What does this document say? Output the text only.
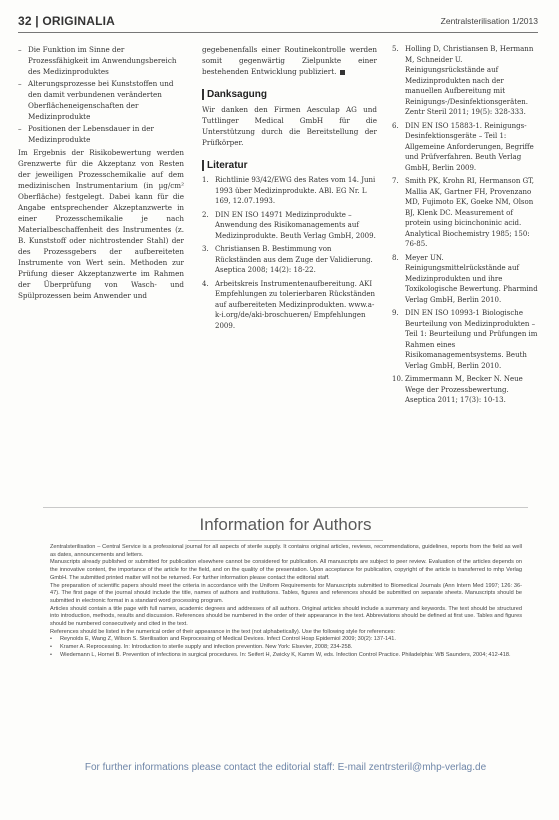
32 | ORIGINALIA	Zentralsterilisation 1/2013
– Die Funktion im Sinne der Prozessfähigkeit im Anwendungsbereich des Medizinproduktes
– Alterungsprozesse bei Kunststoffen und den damit verbundenen veränderten Oberflächeneigenschaften der Medizinprodukte
– Positionen der Lebensdauer in der Medizinprodukte

Im Ergebnis der Risikobewertung werden Grenzwerte für die Akzeptanz von Resten der jeweiligen Prozesschemikalie auf dem medizinischen Instrumentarium (in µg/cm² Oberfläche) festgelegt. Dabei kann für die Angabe entsprechender Akzeptanzwerte in einer Prozesschemikalie je nach Materialbeschaffenheit des Instrumentes (z. B. Kunststoff oder nichtrostender Stahl) der des Prozessgebers der aufbereiteten Instrumente von Wert sein. Methoden zur Prüfung dieser Akzeptanzwerte im Rahmen der Überprüfung von Wasch- und Spülprozessen beim Anwender und

gegebenenfalls einer Routinekontrolle werden somit gegenwärtig Zielpunkte einer bestehenden Entwicklung publiziert.

Danksagung

Wir danken den Firmen Aesculap AG und Tuttlinger Medical GmbH für die Unterstützung durch die Bereitstellung der Prüfkörper.

Literatur
1. Richtlinie 93/42/EWG des Rates vom 14. Juni 1993 über Medizinprodukte. ABl. EG Nr. L 169, 12.07.1993.
2. DIN EN ISO 14971 Medizinprodukte – Anwendung des Risikomanagements auf Medizinprodukte. Beuth Verlag GmbH, 2009.
3. Christiansen B. Bestimmung von Rückständen aus dem Zuge der Validierung. Aseptica 2008; 14(2): 18-22.
4. Arbeitskreis Instrumentenaufbereitung. AKI Empfehlungen zu tolerierbaren Rückständen auf aufbereiteten Medizinprodukten. www.a-k-i.org/de/aki-broschueren/ Empfehlungen 2009.
5. Holling D, Christiansen B, Hermann M, Schneider U. Reinigungsrückstände auf Medizinprodukten nach der manuellen Aufbereitung mit Reinigungs-/Desinfektionsgeräten. Zentr Steril 2011; 19(5): 328-333.
6. DIN EN ISO 15883-1. Reinigungs-Desinfektionsgeräte – Teil 1: Allgemeine Anforderungen, Begriffe und Prüfverfahren. Beuth Verlag GmbH, Berlin 2009.
7. Smith PK, Krohn RI, Hermanson GT, Mallia AK, Gartner FH, Provenzano MD, Fujimoto EK, Goeke NM, Olson BJ, Klenk DC. Measurement of protein using bicinchoninic acid. Analytical Biochemistry 1985; 150: 76-85.
8. Meyer UN. Reinigungsmittelrückstände auf Medizinprodukten und ihre Toxikologische Bewertung. Pharmind Verlag GmbH, Berlin 2010.
9. DIN EN ISO 10993-1 Biologische Beurteilung von Medizinprodukten – Teil 1: Beurteilung und Prüfungen im Rahmen eines Risikomanagementsystems. Beuth Verlag GmbH, Berlin 2010.
10. Zimmermann M, Becker N. Neue Wege der Prozessbewertung. Aseptica 2011; 17(3): 10-13.
Information for Authors

Zentralsterilisation – Central Service is a professional journal for all aspects of sterile supply. It contains original articles, reviews, recommendations, guidelines, reports from the field as well as dates, announcements and letters.

Manuscripts already published or submitted for publication elsewhere cannot be considered for publication. All manuscripts are subject to peer review. Evaluation of the articles depends on the innovative content, the importance of the article for the field, and on the quality of the presentation. Upon acceptance for publication, copyright of the article is transferred to mhp Verlag GmbH. The submitted printed matter will not be returned. For further information please contact the editorial staff.

The preparation of scientific papers should meet the criteria in accordance with the Uniform Requirements for Manuscripts submitted to Biomedical Journals (Ann Intern Med 1997; 126: 36-47). The first page of the journal should include the title, names of authors and institutions. Tables, figures and references should be submitted on separate sheets. Manuscripts should be submitted in electronic format in a standard word processing program.

Articles should contain a title page with full names, academic degrees and addresses of all authors. Original articles should include a summary and keywords. The text should be structured into introduction, methods, results and discussion. References should be numbered in the order of their appearance in the text. Abbreviations should be defined at first use. Tables and figures should be numbered consecutively and cited in the text.

References should be listed in the numerical order of their appearance in the text (not alphabetically). Use the following style for references:

• Reynolds E, Wang Z, Wilson S. Sterilisation and Reprocessing of Medical Devices. Infect Control Hosp Epidemiol 2009; 30(2): 137-141.
• Kramer A. Reprocessing. In: Introduction to sterile supply and infection prevention. New York: Elsevier, 2008; 234-258.
• Wiedemann L, Hornei B. Prevention of infections in surgical procedures. In: Seifert H, Zwicky K, Kamm W, eds. Infection Control Practice. Philadelphia: WB Saunders, 2004; 412-418.
For further informations please contact the editorial staff: E-mail zentrsteril@mhp-verlag.de
